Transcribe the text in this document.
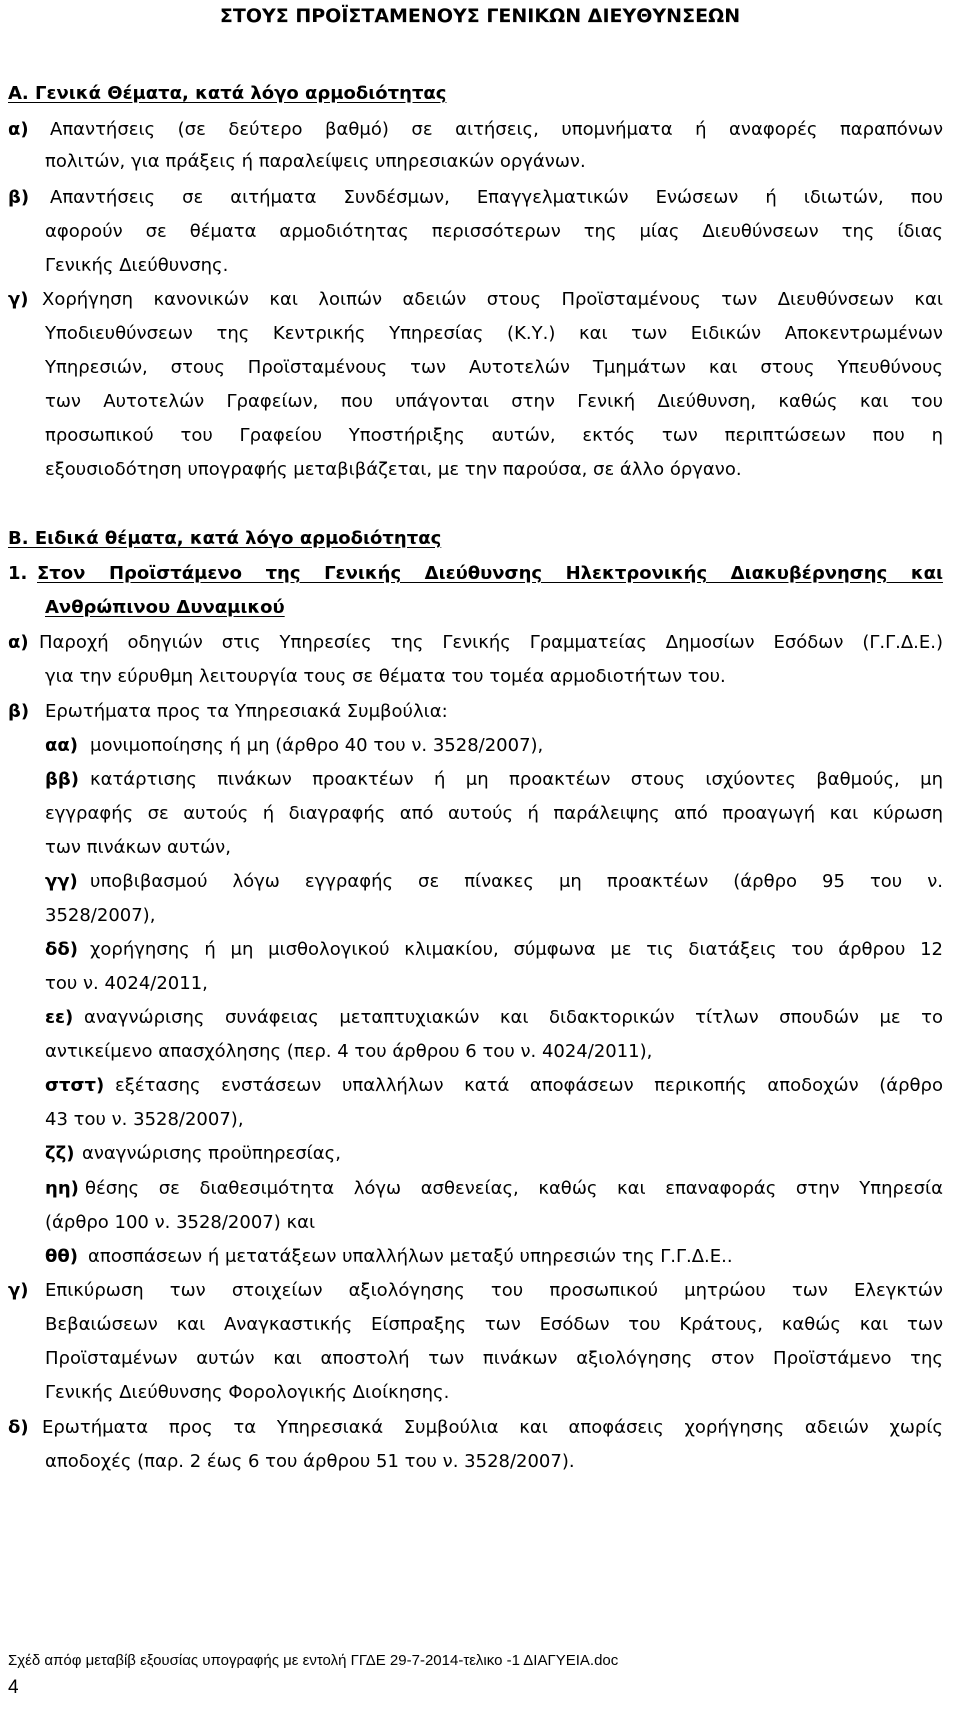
ΣΤΟΥΣ ΠΡΟΪΣΤΑΜΕΝΟΥΣ ΓΕΝΙΚΩΝ ΔΙΕΥΘΥΝΣΕΩΝ
Α. Γενικά Θέματα, κατά λόγο αρμοδιότητας
α)	Απαντήσεις (σε δεύτερο βαθμό) σε αιτήσεις, υπομνήματα ή αναφορές παραπόνων
πολιτών, για πράξεις ή παραλείψεις υπηρεσιακών οργάνων.
β)	Απαντήσεις σε αιτήματα Συνδέσμων, Επαγγελματικών Ενώσεων ή ιδιωτών, που
αφορούν σε θέματα αρμοδιότητας περισσότερων της μίας Διευθύνσεων της ίδιας
Γενικής Διεύθυνσης.
γ) Χορήγηση κανονικών και λοιπών αδειών στους Προϊσταμένους των Διευθύνσεων και
Υποδιευθύνσεων της Κεντρικής Υπηρεσίας (Κ.Υ.) και των Ειδικών Αποκεντρωμένων
Υπηρεσιών, στους Προϊσταμένους των Αυτοτελών Τμημάτων και στους Υπευθύνους
των Αυτοτελών Γραφείων, που υπάγονται στην Γενική Διεύθυνση, καθώς και του
προσωπικού του Γραφείου Υποστήριξης αυτών, εκτός των περιπτώσεων που η
εξουσιοδότηση υπογραφής μεταβιβάζεται, με την παρούσα, σε άλλο όργανο.
Β. Ειδικά θέματα, κατά λόγο αρμοδιότητας
1. Στον Προϊστάμενο της Γενικής Διεύθυνσης Ηλεκτρονικής Διακυβέρνησης και
Ανθρώπινου Δυναμικού
α) Παροχή οδηγιών στις Υπηρεσίες της Γενικής Γραμματείας Δημοσίων Εσόδων (Γ.Γ.Δ.Ε.)
για την εύρυθμη λειτουργία τους σε θέματα του τομέα αρμοδιοτήτων του.
β) Ερωτήματα προς τα Υπηρεσιακά Συμβούλια:
αα) μονιμοποίησης ή μη (άρθρο 40 του ν. 3528/2007),
ββ) κατάρτισης πινάκων προακτέων ή μη προακτέων στους ισχύοντες βαθμούς, μη
εγγραφής σε αυτούς ή διαγραφής από αυτούς ή παράλειψης από προαγωγή και κύρωση
των πινάκων αυτών,
γγ) υποβιβασμού λόγω εγγραφής σε πίνακες μη προακτέων (άρθρο 95 του ν.
3528/2007),
δδ) χορήγησης ή μη μισθολογικού κλιμακίου, σύμφωνα με τις διατάξεις του άρθρου 12
του ν. 4024/2011,
εε) αναγνώρισης συνάφειας μεταπτυχιακών και διδακτορικών τίτλων σπουδών με το
αντικείμενο απασχόλησης (περ. 4 του άρθρου 6 του ν. 4024/2011),
στστ) εξέτασης ενστάσεων υπαλλήλων κατά αποφάσεων περικοπής αποδοχών (άρθρο
43 του ν. 3528/2007),
ζζ) αναγνώρισης προϋπηρεσίας,
ηη) θέσης σε διαθεσιμότητα λόγω ασθενείας, καθώς και επαναφοράς στην Υπηρεσία
(άρθρο 100 ν. 3528/2007) και
θθ) αποσπάσεων ή μετατάξεων υπαλλήλων μεταξύ υπηρεσιών της Γ.Γ.Δ.Ε..
γ) Επικύρωση των στοιχείων αξιολόγησης του προσωπικού μητρώου των Ελεγκτών
Βεβαιώσεων και Αναγκαστικής Είσπραξης των Εσόδων του Κράτους, καθώς και των
Προϊσταμένων αυτών και αποστολή των πινάκων αξιολόγησης στον Προϊστάμενο της
Γενικής Διεύθυνσης Φορολογικής Διοίκησης.
δ) Ερωτήματα προς τα Υπηρεσιακά Συμβούλια και αποφάσεις χορήγησης αδειών χωρίς
αποδοχές (παρ. 2 έως 6 του άρθρου 51 του ν. 3528/2007).
Σχέδ απόφ μεταβίβ εξουσίας υπογραφής με εντολή ΓΓΔΕ 29-7-2014-τελικο -1 ΔΙΑΓΥΕΙΑ.doc
4
